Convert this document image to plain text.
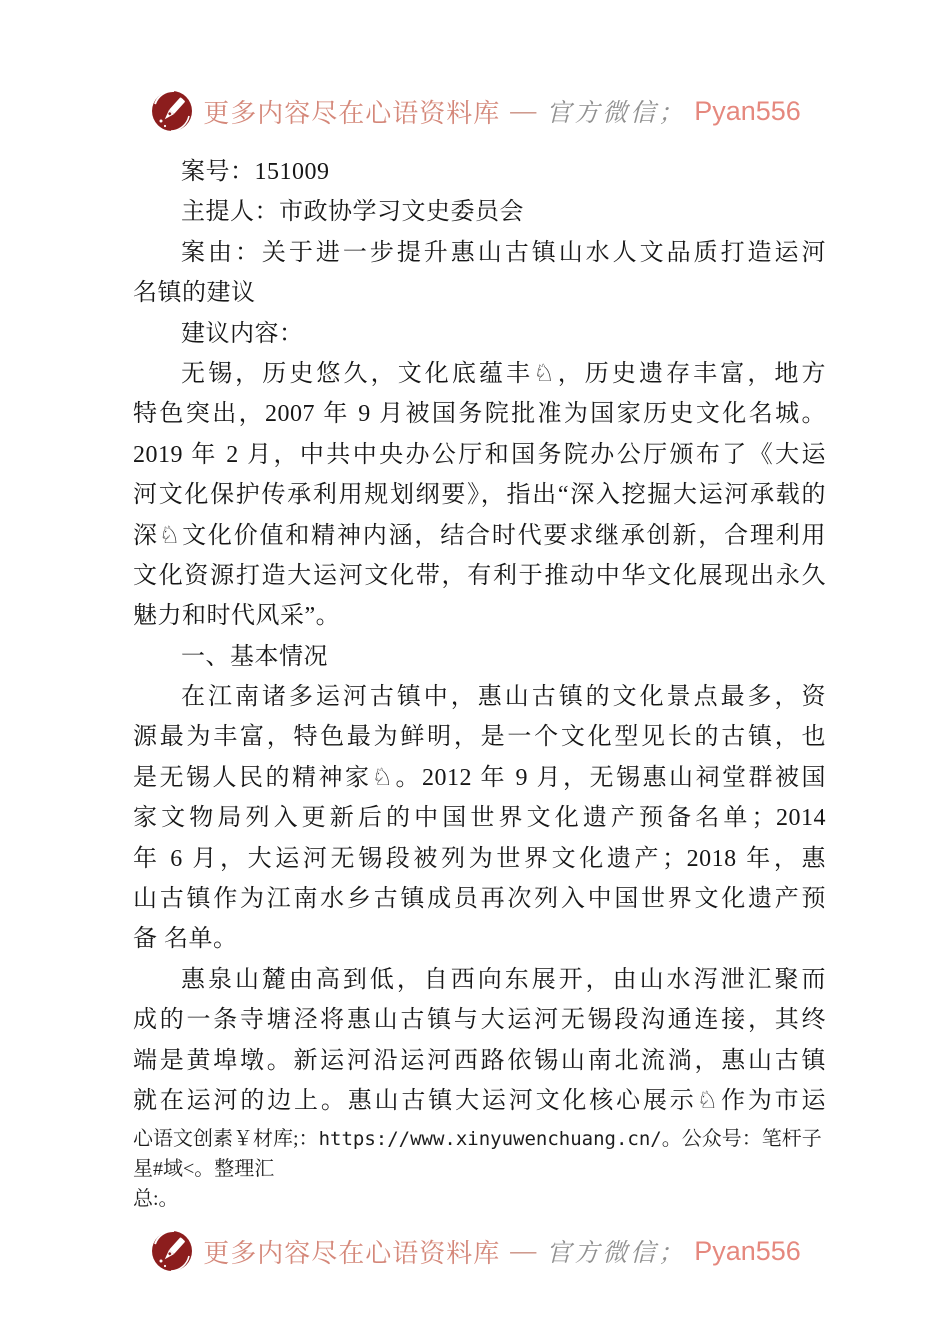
更多内容尽在心语资料库 — 官方微信； Pyan556
案号：151009
主提人：市政协学习文史委员会
案由：关于进一步提升惠山古镇山水人文品质打造运河
名镇的建议
建议内容：
无锡，历史悠久，文化底蕴丰♘，历史遗存丰富，地方
特色突出，2007 年 9 月被国务院批准为国家历史文化名城。
2019 年 2 月，中共中央办公厅和国务院办公厅颁布了《大运
河文化保护传承利用规划纲要》，指出“深入挖掘大运河承载的
深♘文化价值和精神内涵，结合时代要求继承创新，合理利用
文化资源打造大运河文化带，有利于推动中华文化展现出永久
魅力和时代风采”。
一、基本情况
在江南诸多运河古镇中，惠山古镇的文化景点最多，资
源最为丰富，特色最为鲜明，是一个文化型见长的古镇，也
是无锡人民的精神家♘。2012 年 9 月，无锡惠山祠堂群被国
家文物局列入更新后的中国世界文化遗产预备名单；2014
年 6 月，大运河无锡段被列为世界文化遗产；2018 年，惠
山古镇作为江南水乡古镇成员再次列入中国世界文化遗产预
备 名单。
惠泉山麓由高到低，自西向东展开，由山水泻泄汇聚而
成的一条寺塘泾将惠山古镇与大运河无锡段沟通连接，其终
端是黄埠墩。新运河沿运河西路依锡山南北流淌，惠山古镇
就在运河的边上。惠山古镇大运河文化核心展示♘作为市运
心语文创素￥材库;：https://www.xinyuwenchuang.cn/。公众号：笔杆子星#域<。整理汇
总:。
更多内容尽在心语资料库 — 官方微信； Pyan556
